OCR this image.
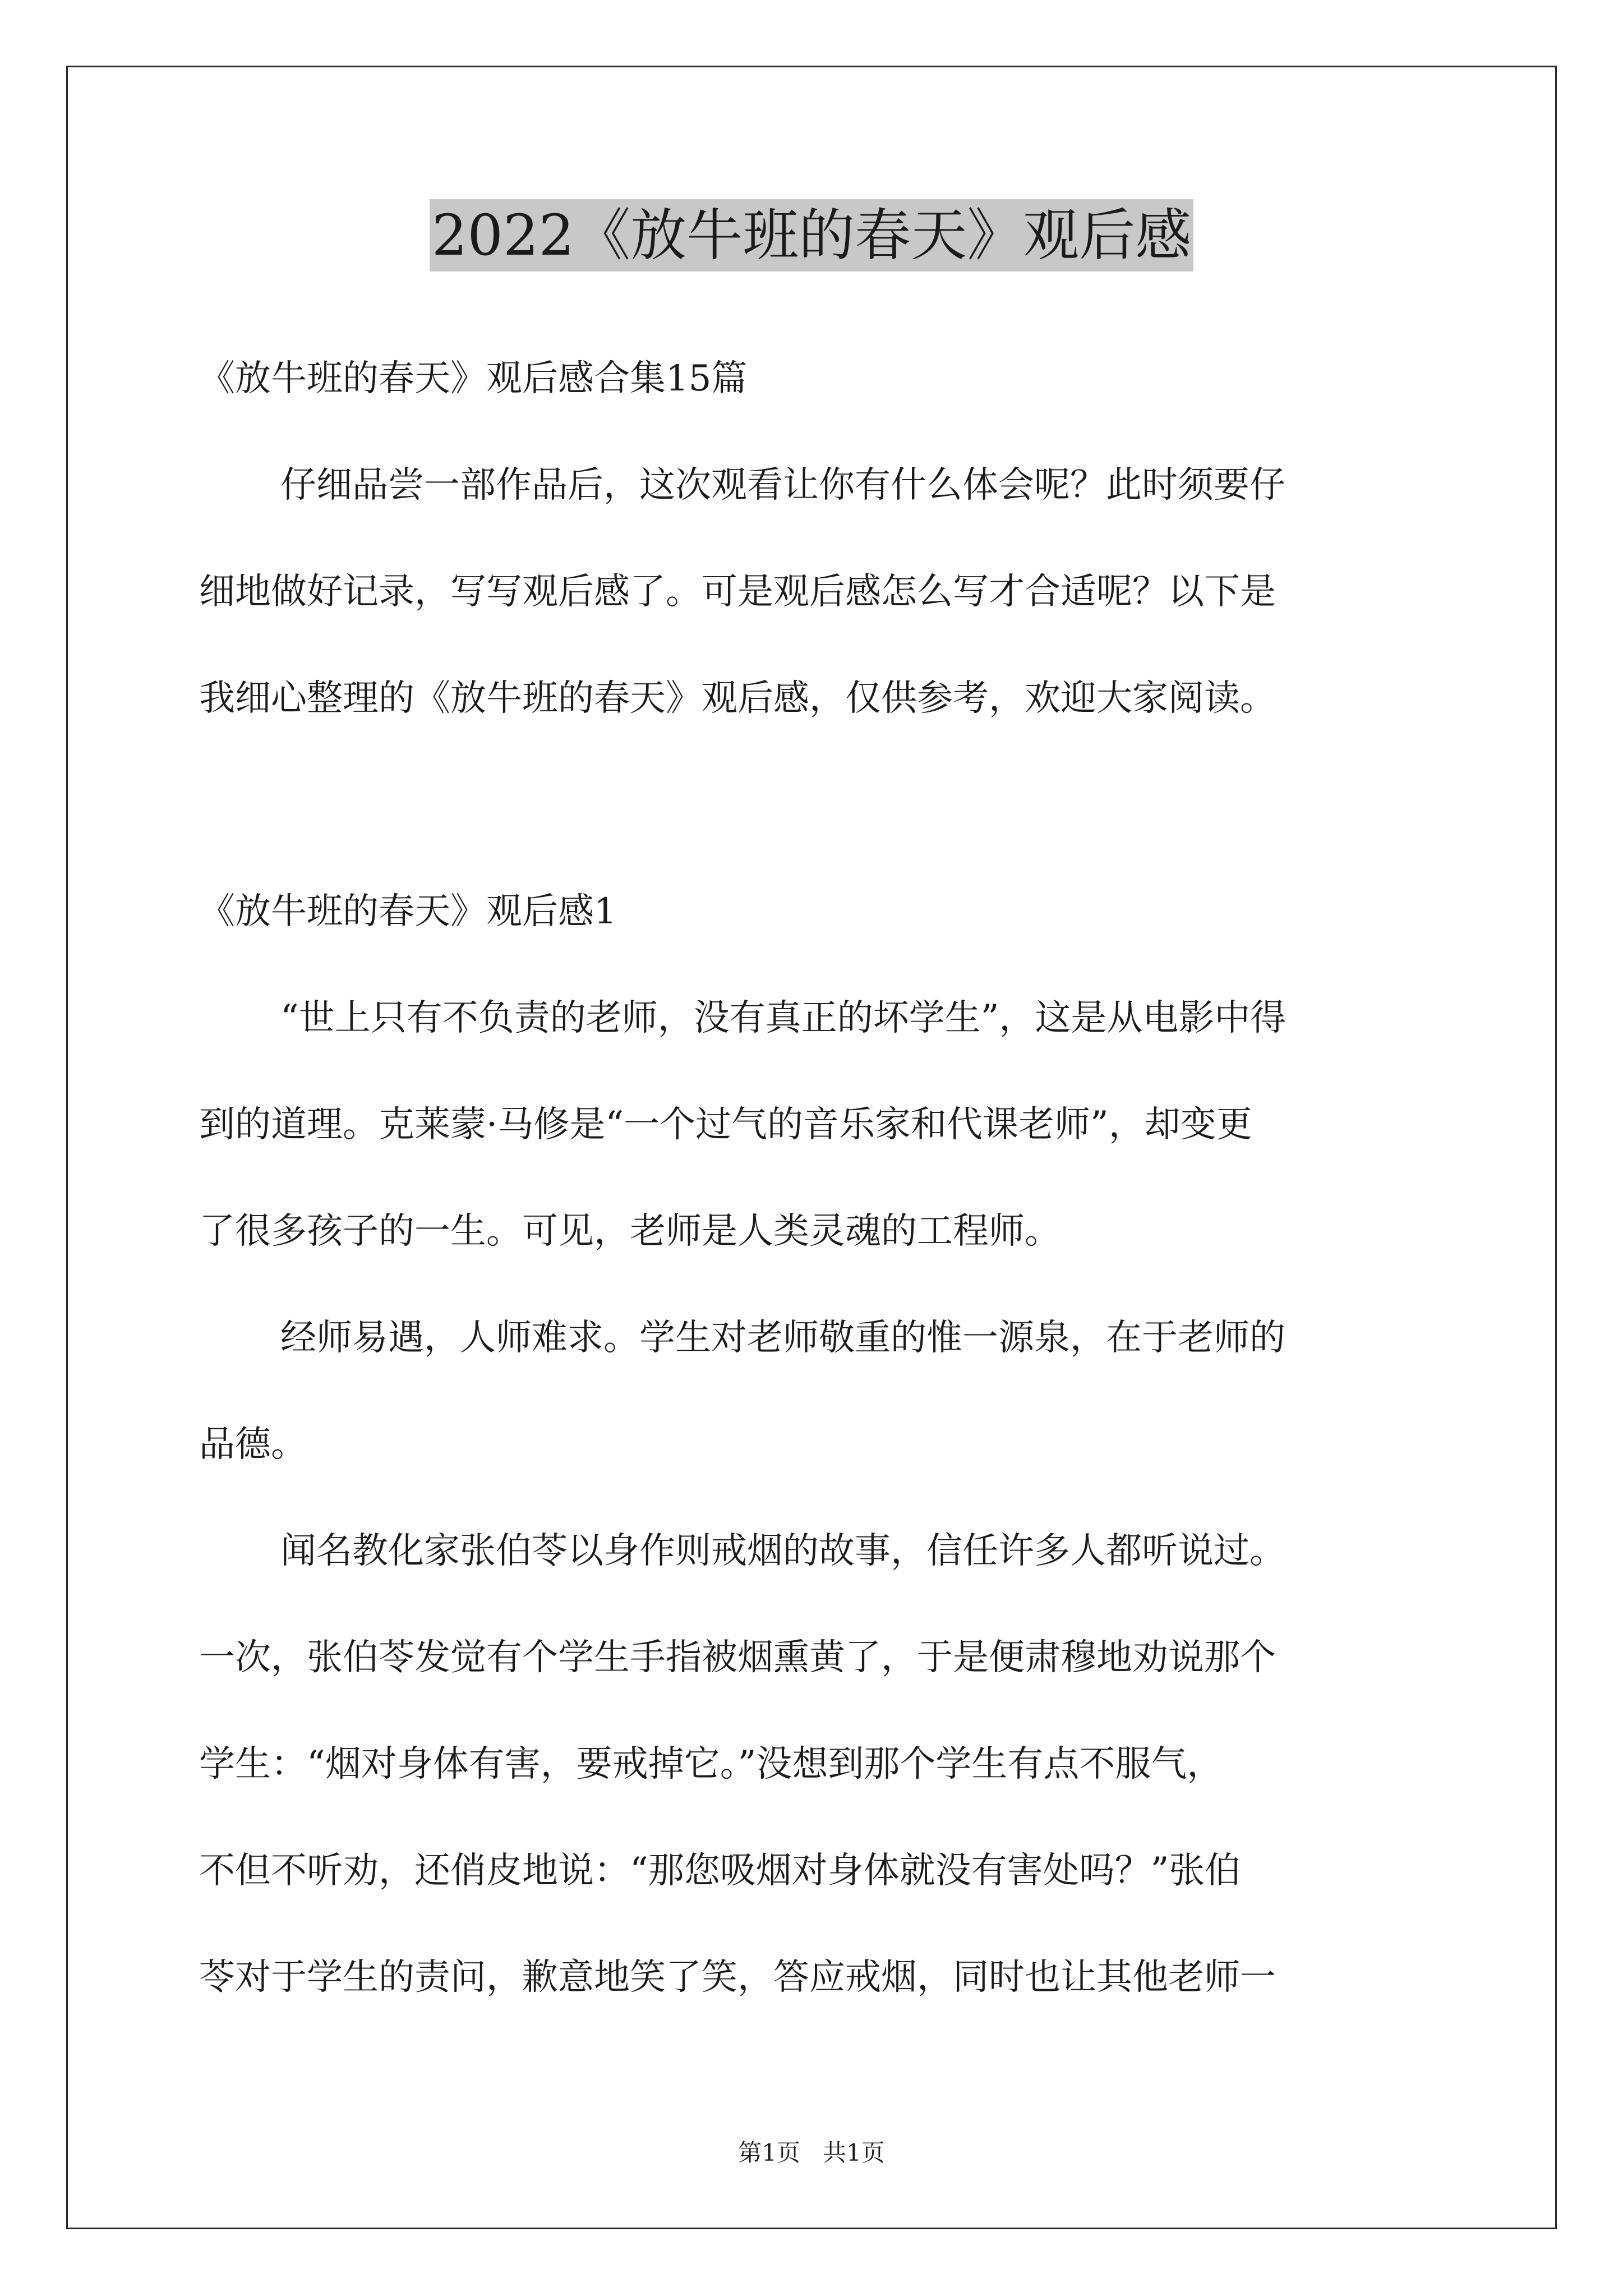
2022《放牛班的春天》观后感
《放牛班的春天》观后感合集15篇
仔细品尝一部作品后，这次观看让你有什么体会呢？此时须要仔
细地做好记录，写写观后感了。可是观后感怎么写才合适呢？以下是
我细心整理的《放牛班的春天》观后感，仅供参考，欢迎大家阅读。
《放牛班的春天》观后感1
“世上只有不负责的老师，没有真正的坏学生”，这是从电影中得
到的道理。克莱蒙·马修是“一个过气的音乐家和代课老师”，却变更
了很多孩子的一生。可见，老师是人类灵魂的工程师。
经师易遇，人师难求。学生对老师敬重的惟一源泉，在于老师的
品德。
闻名教化家张伯苓以身作则戒烟的故事，信任许多人都听说过。
一次，张伯苓发觉有个学生手指被烟熏黄了，于是便肃穆地劝说那个
学生：“烟对身体有害，要戒掉它。”没想到那个学生有点不服气，
不但不听劝，还俏皮地说：“那您吸烟对身体就没有害处吗？”张伯
苓对于学生的责问，歉意地笑了笑，答应戒烟，同时也让其他老师一
第1页   共1页
